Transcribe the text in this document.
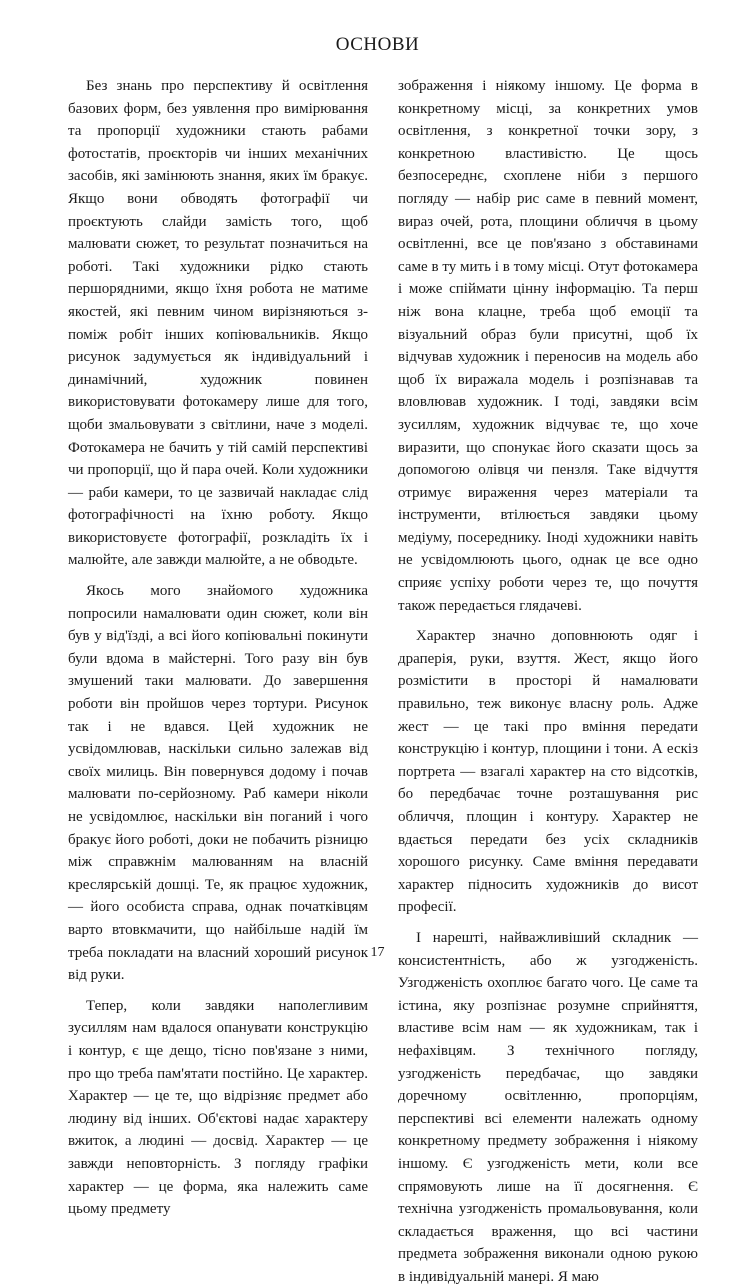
ОСНОВИ

Без знань про перспективу й освітлення базових форм, без уявлення про вимірювання та пропорції художники стають рабами фотостатів, проєкторів чи інших механічних засобів, які замінюють знання, яких їм бракує. Якщо вони обводять фотографії чи проєктують слайди замість того, щоб малювати сюжет, то результат позначиться на роботі. Такі художники рідко стають першорядними, якщо їхня робота не матиме якостей, які певним чином вирізняються з-поміж робіт інших копіювальників. Якщо рисунок задумується як індивідуальний і динамічний, художник повинен використовувати фотокамеру лише для того, щоби змальовувати з світлини, наче з моделі. Фотокамера не бачить у тій самій перспективі чи пропорції, що й пара очей. Коли художники — раби камери, то це зазвичай накладає слід фотографічності на їхню роботу. Якщо використовуєте фотографії, розкладіть їх і малюйте, але завжди малюйте, а не обводьте.

Якось мого знайомого художника попросили намалювати один сюжет, коли він був у від'їзді, а всі його копіювальні покинути були вдома в майстерні. Того разу він був змушений таки малювати. До завершення роботи він пройшов через тортури. Рисунок так і не вдався. Цей художник не усвідомлював, наскільки сильно залежав від своїх милиць. Він повернувся додому і почав малювати по-серйозному. Раб камери ніколи не усвідомлює, наскільки він поганий і чого бракує його роботі, доки не побачить різницю між справжнім малюванням на власній креслярській дошці. Те, як працює художник, — його особиста справа, однак початківцям варто втовкмачити, що найбільше надій їм треба покладати на власний хороший рисунок від руки.

Тепер, коли завдяки наполегливим зусиллям нам вдалося опанувати конструкцію і контур, є ще дещо, тісно пов'язане з ними, про що треба пам'ятати постійно. Це характер. Характер — це те, що відрізняє предмет або людину від інших. Об'єктові надає характеру вжиток, а людині — досвід. Характер — це завжди неповторність. З погляду графіки характер — це форма, яка належить саме цьому предмету

зображення і ніякому іншому. Це форма в конкретному місці, за конкретних умов освітлення, з конкретної точки зору, з конкретною властивістю. Це щось безпосереднє, схоплене ніби з першого погляду — набір рис саме в певний момент, вираз очей, рота, площини обличчя в цьому освітленні, все це пов'язано з обставинами саме в ту мить і в тому місці. Отут фотокамера і може спіймати цінну інформацію. Та перш ніж вона клацне, треба щоб емоції та візуальний образ були присутні, щоб їх відчував художник і переносив на модель або щоб їх виражала модель і розпізнавав та вловлював художник. І тоді, завдяки всім зусиллям, художник відчуває те, що хоче виразити, що спонукає його сказати щось за допомогою олівця чи пензля. Таке відчуття отримує вираження через матеріали та інструменти, втілюється завдяки цьому медіуму, посереднику. Іноді художники навіть не усвідомлюють цього, однак це все одно сприяє успіху роботи через те, що почуття також передається глядачеві.

Характер значно доповнюють одяг і драперія, руки, взуття. Жест, якщо його розмістити в просторі й намалювати правильно, теж виконує власну роль. Адже жест — це такі про вміння передати конструкцію і контур, площини і тони. А ескіз портрета — взагалі характер на сто відсотків, бо передбачає точне розташування рис обличчя, площин і контуру. Характер не вдається передати без усіх складників хорошого рисунку. Саме вміння передавати характер підносить художників до висот професії.

І нарешті, найважливіший складник — консистентність, або ж узгодженість. Узгодженість охоплює багато чого. Це саме та істина, яку розпізнає розумне сприйняття, властиве всім нам — як художникам, так і нефахівцям. З технічного погляду, узгодженість передбачає, що завдяки доречному освітленню, пропорціям, перспективі всі елементи належать одному конкретному предмету зображення і ніякому іншому. Є узгодженість мети, коли все спрямовують лише на її досягнення. Є технічна узгодженість промальовування, коли складається враження, що всі частини предмета зображення виконали одною рукою в індивідуальній манері. Я маю

17
